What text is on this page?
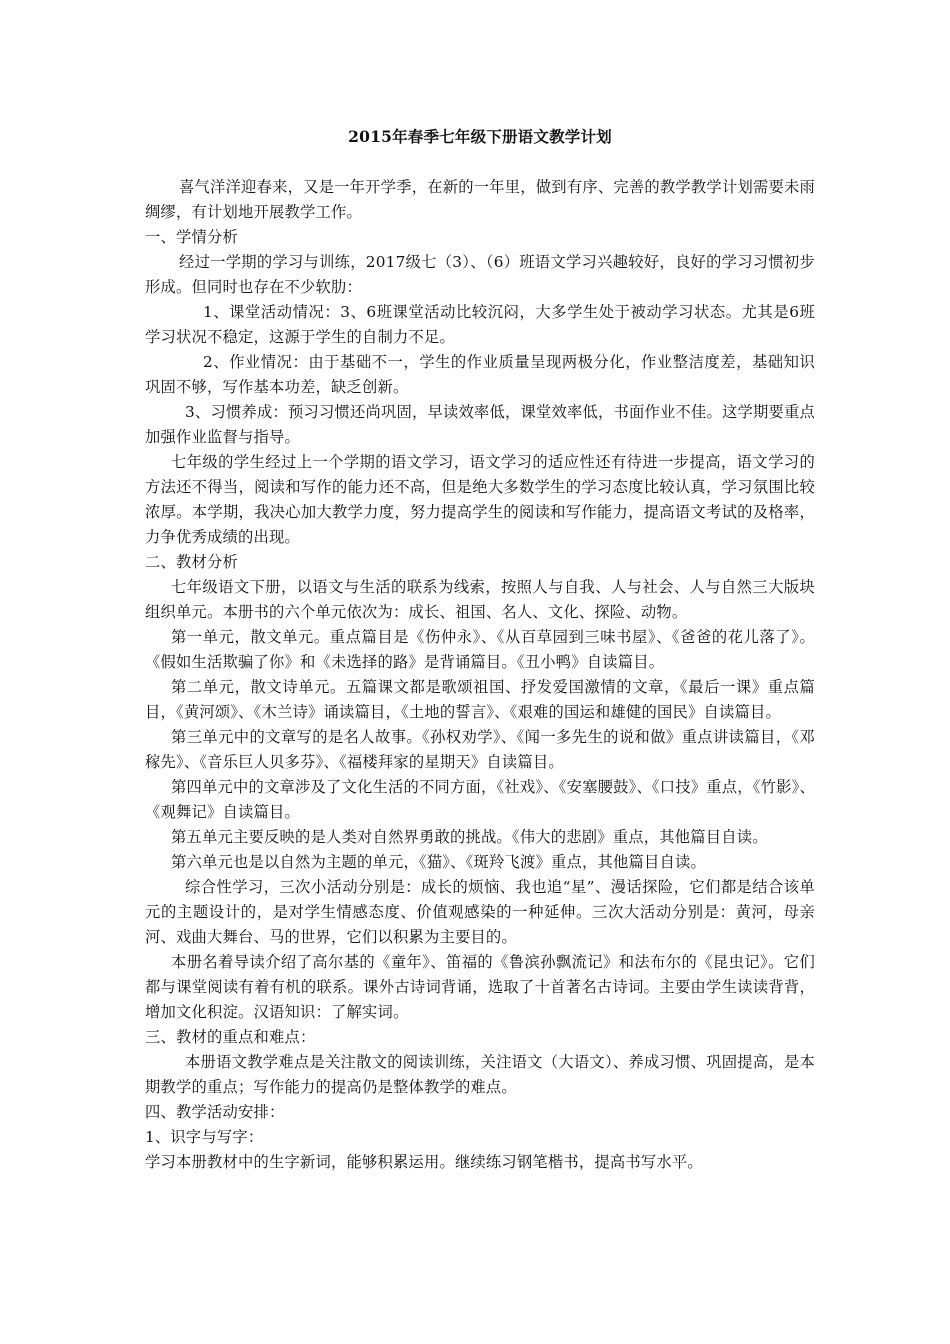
2015年春季七年级下册语文教学计划

喜气洋洋迎春来，又是一年开学季，在新的一年里，做到有序、完善的教学教学计划需要未雨绸缪，有计划地开展教学工作。

一、学情分析

经过一学期的学习与训练，2017级七（3）、（6）班语文学习兴趣较好，良好的学习习惯初步形成。但同时也存在不少软肋：

1、课堂活动情况：3、6班课堂活动比较沉闷，大多学生处于被动学习状态。尤其是6班学习状况不稳定，这源于学生的自制力不足。

2、作业情况：由于基础不一，学生的作业质量呈现两极分化，作业整洁度差，基础知识巩固不够，写作基本功差，缺乏创新。

3、习惯养成：预习习惯还尚巩固，早读效率低，课堂效率低，书面作业不佳。这学期要重点加强作业监督与指导。

七年级的学生经过上一个学期的语文学习，语文学习的适应性还有待进一步提高，语文学习的方法还不得当，阅读和写作的能力还不高，但是绝大多数学生的学习态度比较认真，学习氛围比较浓厚。本学期，我决心加大教学力度，努力提高学生的阅读和写作能力，提高语文考试的及格率，力争优秀成绩的出现。

二、教材分析

七年级语文下册，以语文与生活的联系为线索，按照人与自我、人与社会、人与自然三大版块组织单元。本册书的六个单元依次为：成长、祖国、名人、文化、探险、动物。

第一单元，散文单元。重点篇目是《伤仲永》、《从百草园到三味书屋》、《爸爸的花儿落了》。《假如生活欺骗了你》和《未选择的路》是背诵篇目。《丑小鸭》自读篇目。

第二单元，散文诗单元。五篇课文都是歌颂祖国、抒发爱国激情的文章，《最后一课》重点篇目，《黄河颂》、《木兰诗》诵读篇目，《土地的誓言》、《艰难的国运和雄健的国民》自读篇目。

第三单元中的文章写的是名人故事。《孙权劝学》、《闻一多先生的说和做》重点讲读篇目，《邓稼先》、《音乐巨人贝多芬》、《福楼拜家的星期天》自读篇目。

第四单元中的文章涉及了文化生活的不同方面，《社戏》、《安塞腰鼓》、《口技》重点，《竹影》、《观舞记》自读篇目。

第五单元主要反映的是人类对自然界勇敢的挑战。《伟大的悲剧》重点，其他篇目自读。

第六单元也是以自然为主题的单元，《猫》、《斑羚飞渡》重点，其他篇目自读。

综合性学习，三次小活动分别是：成长的烦恼、我也追“星”、漫话探险，它们都是结合该单元的主题设计的，是对学生情感态度、价值观感染的一种延伸。三次大活动分别是：黄河，母亲河、戏曲大舞台、马的世界，它们以积累为主要目的。

本册名着导读介绍了高尔基的《童年》、笛福的《鲁滨孙飘流记》和法布尔的《昆虫记》。它们都与课堂阅读有着有机的联系。课外古诗词背诵，选取了十首著名古诗词。主要由学生读读背背，增加文化积淀。汉语知识：了解实词。

三、教材的重点和难点：

本册语文教学难点是关注散文的阅读训练，关注语文（大语文）、养成习惯、巩固提高，是本期教学的重点；写作能力的提高仍是整体教学的难点。

四、教学活动安排：

1、识字与写字：

学习本册教材中的生字新词，能够积累运用。继续练习钢笔楷书，提高书写水平。
